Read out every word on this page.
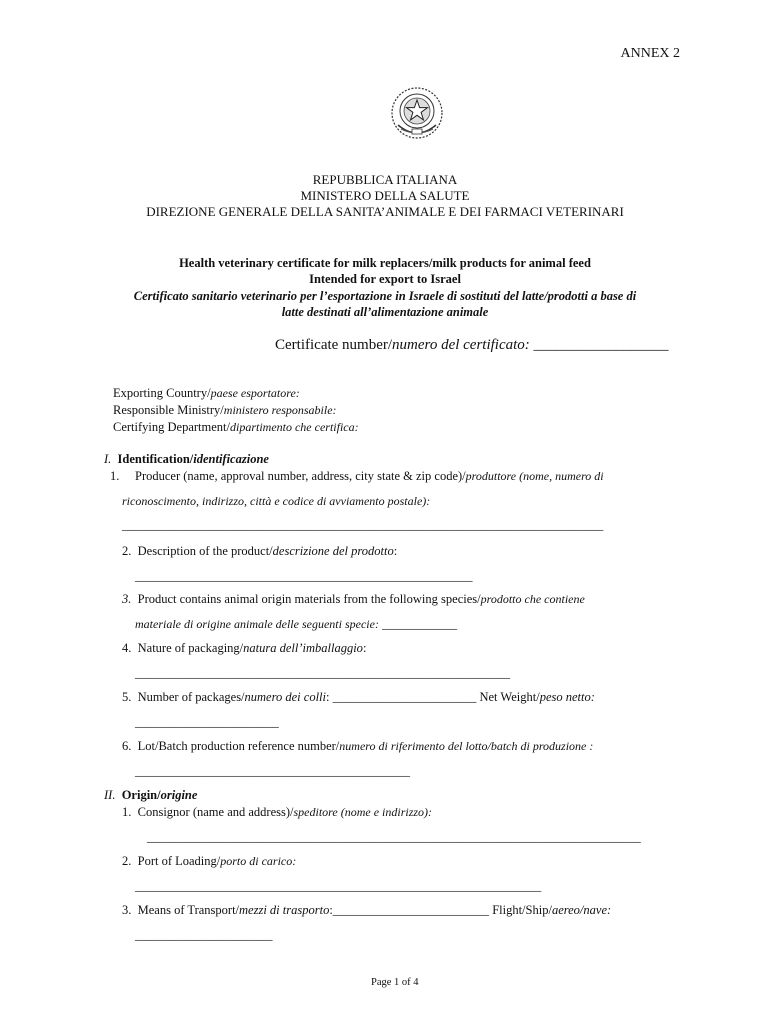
ANNEX 2
REPUBBLICA ITALIANA
MINISTERO DELLA SALUTE
DIREZIONE GENERALE DELLA SANITA’ANIMALE E DEI FARMACI VETERINARI
Health veterinary certificate for milk replacers/milk products for animal feed
Intended for export to Israel
Certificato sanitario veterinario per l’esportazione in Israele di sostituti del latte/prodotti a base di
latte destinati all’alimentazione animale
Certificate number/numero del certificato: __________________
Exporting Country/paese esportatore:
Responsible Ministry/ministero responsabile:
Certifying Department/dipartimento che certifica:
I. Identification/identificazione
1. Producer (name, approval number, address, city state & zip code)/produttore (nome, numero di
riconoscimento, indirizzo, città e codice di avviamento postale):
_____________________________________________________________________________
2. Description of the product/descrizione del prodotto:
______________________________________________________
3. Product contains animal origin materials from the following species/prodotto che contiene
materiale di origine animale delle seguenti specie: ____________
4. Nature of packaging/natura dell’imballaggio:
____________________________________________________________
5. Number of packages/numero dei colli: _______________________ Net Weight/peso netto:
_______________________
6. Lot/Batch production reference number/numero di riferimento del lotto/batch di produzione :
____________________________________________
II. Origin/origine
1. Consignor (name and address)/speditore (nome e indirizzo):
_______________________________________________________________________________
2. Port of Loading/porto di carico:
_________________________________________________________________
3. Means of Transport/mezzi di trasporto:_________________________ Flight/Ship/aereo/nave:
______________________
Page 1 of 4
